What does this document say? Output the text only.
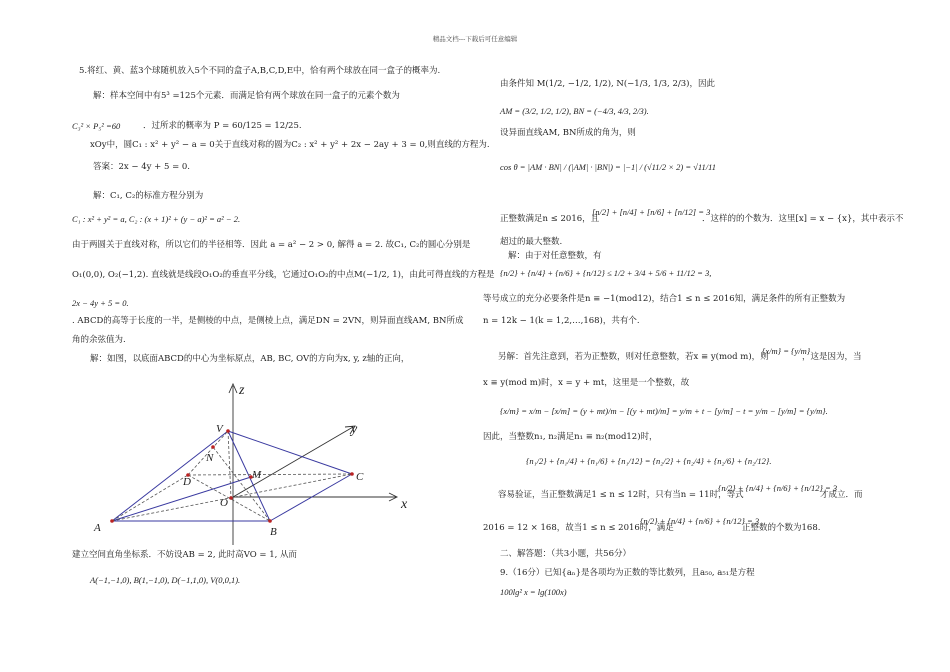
精品文档---下载后可任意编辑
5.将红、黄、蓝3个球随机放入5个不同的盒子A,B,C,D,E中，恰有两个球放在同一盒子的概率为.
解：样本空间中有5³ =125个元素．而满足恰有两个球放在同一盒子的元素个数为
C₃² × P₅² =60	．过所求的概率为 P = 60/125 = 12/25.
xOy中，圆C₁ : x² + y² − a = 0关于直线对称的圆为C₂ : x² + y² + 2x − 2ay + 3 = 0,则直线的方程为.
答案：2x − 4y + 5 = 0.
解：C₁, C₂的标准方程分别为
C₁ : x² + y² = a, C₂ : (x + 1)² + (y − a)² = a² − 2.
由于两圆关于直线对称，所以它们的半径相等．因此 a = a² − 2 > 0, 解得 a = 2. 故C₁, C₂的圆心分别是
O₁(0,0), O₂(−1,2). 直线就是线段O₁O₂的垂直平分线，它通过O₁O₂的中点M(−1/2, 1)，由此可得直线的方程是
2x − 4y + 5 = 0.
. ABCD的高等于长度的一半，是侧棱的中点，是侧棱上点，满足DN = 2VN，则异面直线AM, BN所成
角的余弦值为.
解：如图，以底面ABCD的中心为坐标原点，AB, BC, OV的方向为x, y, z轴的正向，
z
y
x
V
N
M
D	C
O
A	B
建立空间直角坐标系．不妨设AB = 2, 此时高VO = 1, 从而
A(−1,−1,0), B(1,−1,0), D(−1,1,0), V(0,0,1).
由条件知 M(1/2, −1/2, 1/2), N(−1/3, 1/3, 2/3)，因此
AM = (3/2, 1/2, 1/2), BN = (−4/3, 4/3, 2/3).
设异面直线AM, BN所成的角为，则
cos θ = |AM · BN| / (|AM| · |BN|) = |−1| / (√11/2 × 2) = √11/11
正整数满足n ≤ 2016，且
[n/2] + [n/4] + [n/6] + [n/12] = 3
．这样的的个数为．这里[x] = x − {x}，其中表示不
超过的最大整数.
解：由于对任意整数，有
{n/2} + {n/4} + {n/6} + {n/12} ≤ 1/2 + 3/4 + 5/6 + 11/12 = 3,
等号成立的充分必要条件是n ≡ −1(mod12)，结合1 ≤ n ≤ 2016知，满足条件的所有正整数为
n = 12k − 1(k = 1,2,…,168)，共有个.
另解：首先注意到，若为正整数，则对任意整数，若x ≡ y(mod m)，则
{x/m} = {y/m}
，这是因为，当
x ≡ y(mod m)时，x = y + mt，这里是一个整数，故
{x/m} = x/m − [x/m] = (y + mt)/m − [(y + mt)/m] = y/m + t − [y/m] − t = y/m − [y/m] = {y/m}.
因此，当整数n₁, n₂满足n₁ ≡ n₂(mod12)时，
{n₁/2} + {n₁/4} + {n₁/6} + {n₁/12} = {n₂/2} + {n₂/4} + {n₂/6} + {n₂/12}.
容易验证，当正整数满足1 ≤ n ≤ 12时，只有当n = 11时，等式
{n/2} + {n/4} + {n/6} + {n/12} = 3
才成立．而
2016 = 12 × 168，故当1 ≤ n ≤ 2016时，满足
{n/2} + {n/4} + {n/6} + {n/12} = 3
正整数的个数为168.
二、解答题：（共3小题，共56分）
9.（16分）已知{aₙ}是各项均为正数的等比数列，且a₅₀, a₅₁是方程
100lg² x = lg(100x)
